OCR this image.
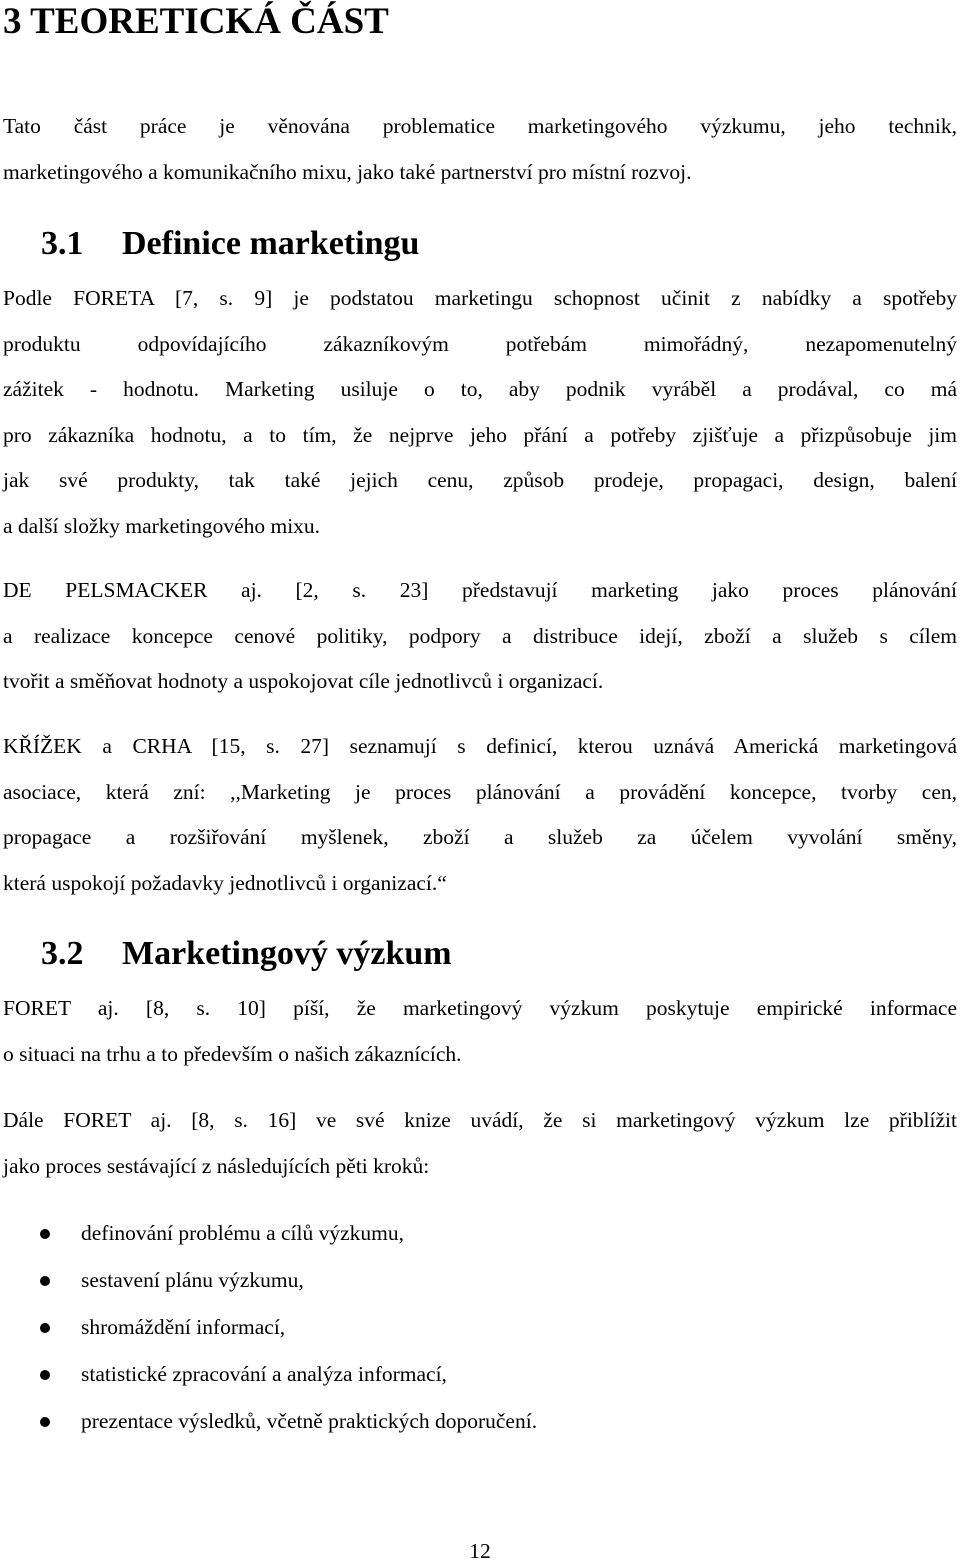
3 TEORETICKÁ ČÁST

Tato část práce je věnována problematice marketingového výzkumu, jeho technik,
marketingového a komunikačního mixu, jako také partnerství pro místní rozvoj.

3.1 Definice marketingu

Podle FORETA [7, s. 9] je podstatou marketingu schopnost učinit z nabídky a spotřeby
produktu odpovídajícího zákazníkovým potřebám mimořádný, nezapomenutelný
zážitek - hodnotu. Marketing usiluje o to, aby podnik vyráběl a prodával, co má
pro zákazníka hodnotu, a to tím, že nejprve jeho přání a potřeby zjišťuje a přizpůsobuje jim
jak své produkty, tak také jejich cenu, způsob prodeje, propagaci, design, balení
a další složky marketingového mixu.

DE PELSMACKER aj. [2, s. 23] představují marketing jako proces plánování
a realizace koncepce cenové politiky, podpory a distribuce idejí, zboží a služeb s cílem
tvořit a směňovat hodnoty a uspokojovat cíle jednotlivců i organizací.

KŘÍŽEK a CRHA [15, s. 27] seznamují s definicí, kterou uznává Americká marketingová
asociace, která zní: ,,Marketing je proces plánování a provádění koncepce, tvorby cen,
propagace a rozšiřování myšlenek, zboží a služeb za účelem vyvolání směny,
která uspokojí požadavky jednotlivců i organizací.“

3.2 Marketingový výzkum

FORET aj. [8, s. 10] píší, že marketingový výzkum poskytuje empirické informace
o situaci na trhu a to především o našich zákaznících.

Dále FORET aj. [8, s. 16] ve své knize uvádí, že si marketingový výzkum lze přiblížit
jako proces sestávající z následujících pěti kroků:

definování problému a cílů výzkumu,
sestavení plánu výzkumu,
shromáždění informací,
statistické zpracování a analýza informací,
prezentace výsledků, včetně praktických doporučení.
12
